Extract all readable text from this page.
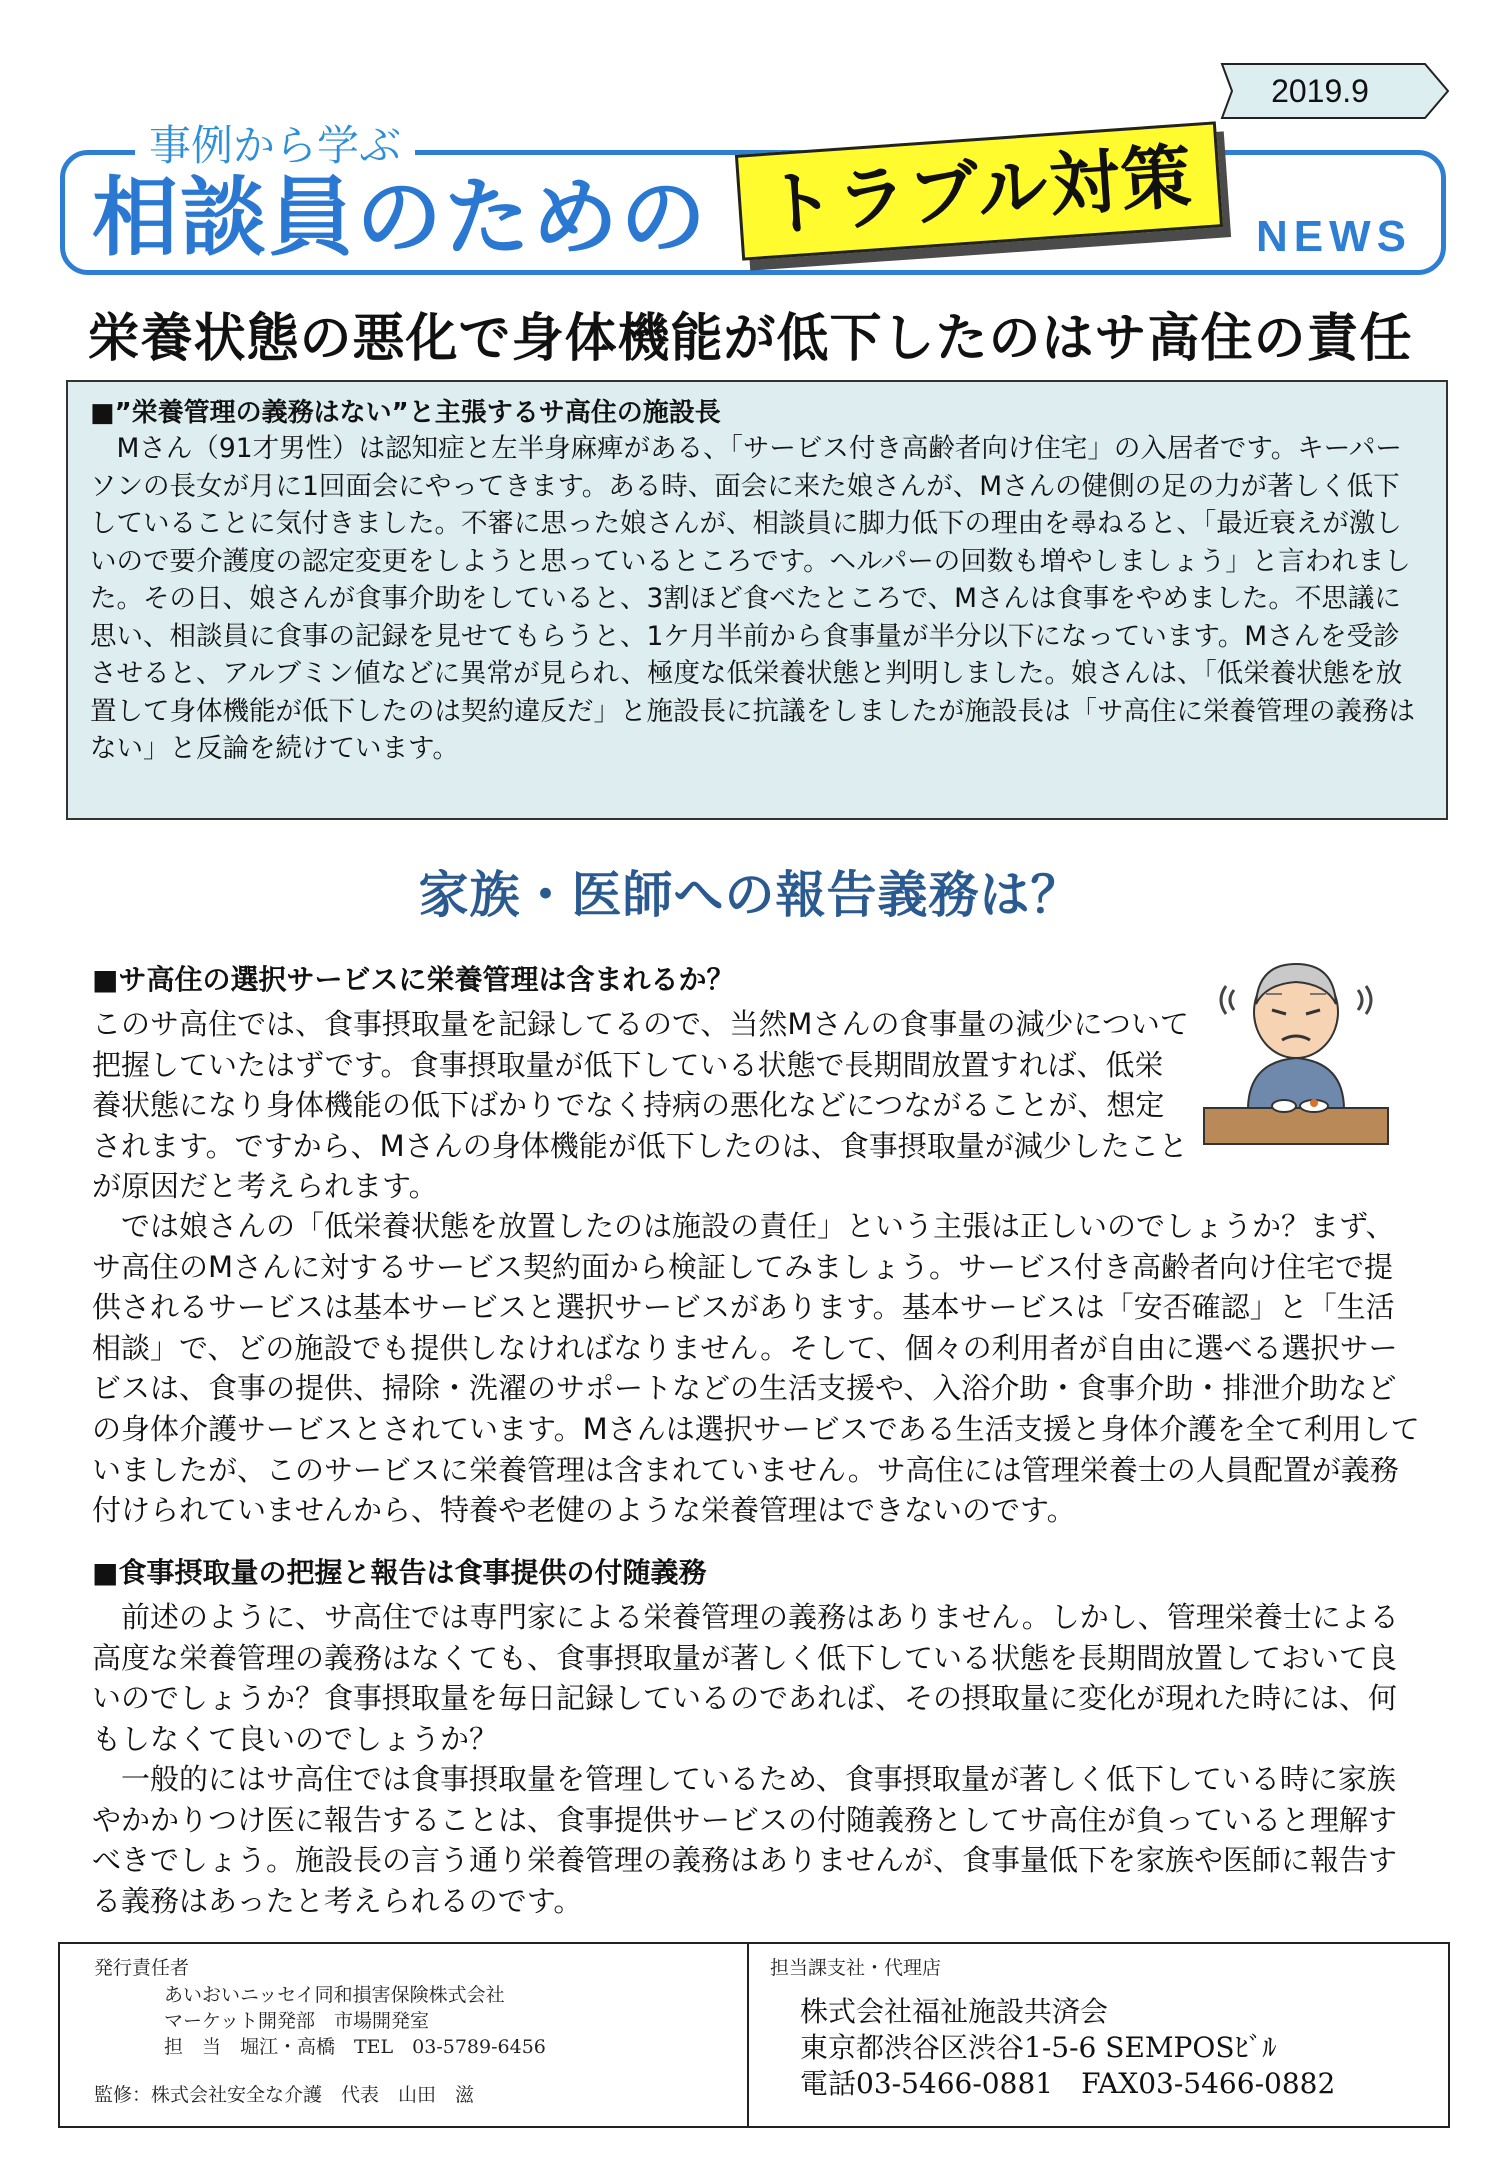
2019.9
事例から学ぶ
相談員のための トラブル対策	NEWS
栄養状態の悪化で身体機能が低下したのはサ高住の責任
■”栄養管理の義務はない”と主張するサ高住の施設長

　Mさん（91才男性）は認知症と左半身麻痺がある、「サービス付き高齢者向け住宅」の入居者です。キーパーソンの長女が月に1回面会にやってきます。ある時、面会に来た娘さんが、Mさんの健側の足の力が著しく低下していることに気付きました。不審に思った娘さんが、相談員に脚力低下の理由を尋ねると、「最近衰えが激しいので要介護度の認定変更をしようと思っているところです。ヘルパーの回数も増やしましょう」と言われました。その日、娘さんが食事介助をしていると、3割ほど食べたところで、Mさんは食事をやめました。不思議に思い、相談員に食事の記録を見せてもらうと、1ケ月半前から食事量が半分以下になっています。Mさんを受診させると、アルブミン値などに異常が見られ、極度な低栄養状態と判明しました。娘さんは、「低栄養状態を放置して身体機能が低下したのは契約違反だ」と施設長に抗議をしましたが施設長は「サ高住に栄養管理の義務はない」と反論を続けています。

家族・医師への報告義務は？
■サ高住の選択サービスに栄養管理は含まれるか？

このサ高住では、食事摂取量を記録してるので、当然Mさんの食事量の減少について把握していたはずです。食事摂取量が低下している状態で長期間放置すれば、低栄養状態になり身体機能の低下ばかりでなく持病の悪化などにつながることが、想定されます。ですから、Mさんの身体機能が低下したのは、食事摂取量が減少したことが原因だと考えられます。

　では娘さんの「低栄養状態を放置したのは施設の責任」という主張は正しいのでしょうか？まず、サ高住のMさんに対するサービス契約面から検証してみましょう。サービス付き高齢者向け住宅で提供されるサービスは基本サービスと選択サービスがあります。基本サービスは「安否確認」と「生活相談」で、どの施設でも提供しなければなりません。そして、個々の利用者が自由に選べる選択サービスは、食事の提供、掃除・洗濯のサポートなどの生活支援や、入浴介助・食事介助・排泄介助などの身体介護サービスとされています。Mさんは選択サービスである生活支援と身体介護を全て利用していましたが、このサービスに栄養管理は含まれていません。サ高住には管理栄養士の人員配置が義務付けられていませんから、特養や老健のような栄養管理はできないのです。

■食事摂取量の把握と報告は食事提供の付随義務

　前述のように、サ高住では専門家による栄養管理の義務はありません。しかし、管理栄養士による高度な栄養管理の義務はなくても、食事摂取量が著しく低下している状態を長期間放置しておいて良いのでしょうか？食事摂取量を毎日記録しているのであれば、その摂取量に変化が現れた時には、何もしなくて良いのでしょうか？

　一般的にはサ高住では食事摂取量を管理しているため、食事摂取量が著しく低下している時に家族やかかりつけ医に報告することは、食事提供サービスの付随義務としてサ高住が負っていると理解すべきでしょう。施設長の言う通り栄養管理の義務はありませんが、食事量低下を家族や医師に報告する義務はあったと考えられるのです。

発行責任者
あいおいニッセイ同和損害保険株式会社
マーケット開発部　市場開発室
担　当　堀江・高橋　TEL　03-5789-6456
監修：株式会社安全な介護　代表　山田　滋
担当課支社・代理店
株式会社福祉施設共済会
東京都渋谷区渋谷1-5-6 SEMPOSﾋﾞﾙ
電話03-5466-0881　FAX03-5466-0882
